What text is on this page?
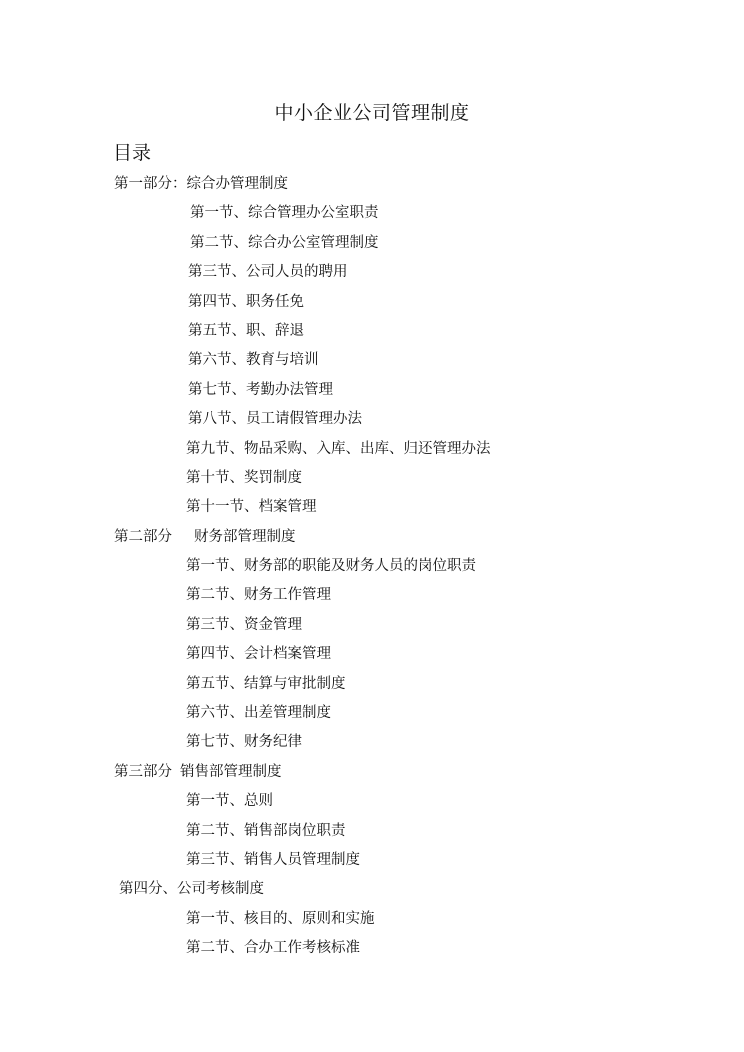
中小企业公司管理制度
目录
第一部分：综合办管理制度
第一节、综合管理办公室职责
第二节、综合办公室管理制度
第三节、公司人员的聘用
第四节、职务任免
第五节、职、辞退
第六节、教育与培训
第七节、考勤办法管理
第八节、员工请假管理办法
第九节、物品采购、入库、出库、归还管理办法
第十节、奖罚制度
第十一节、档案管理
第二部分 财务部管理制度
第一节、财务部的职能及财务人员的岗位职责
第二节、财务工作管理
第三节、资金管理
第四节、会计档案管理
第五节、结算与审批制度
第六节、出差管理制度
第七节、财务纪律
第三部分 销售部管理制度
第一节、总则
第二节、销售部岗位职责
第三节、销售人员管理制度
第四分、公司考核制度
第一节、核目的、原则和实施
第二节、合办工作考核标准
